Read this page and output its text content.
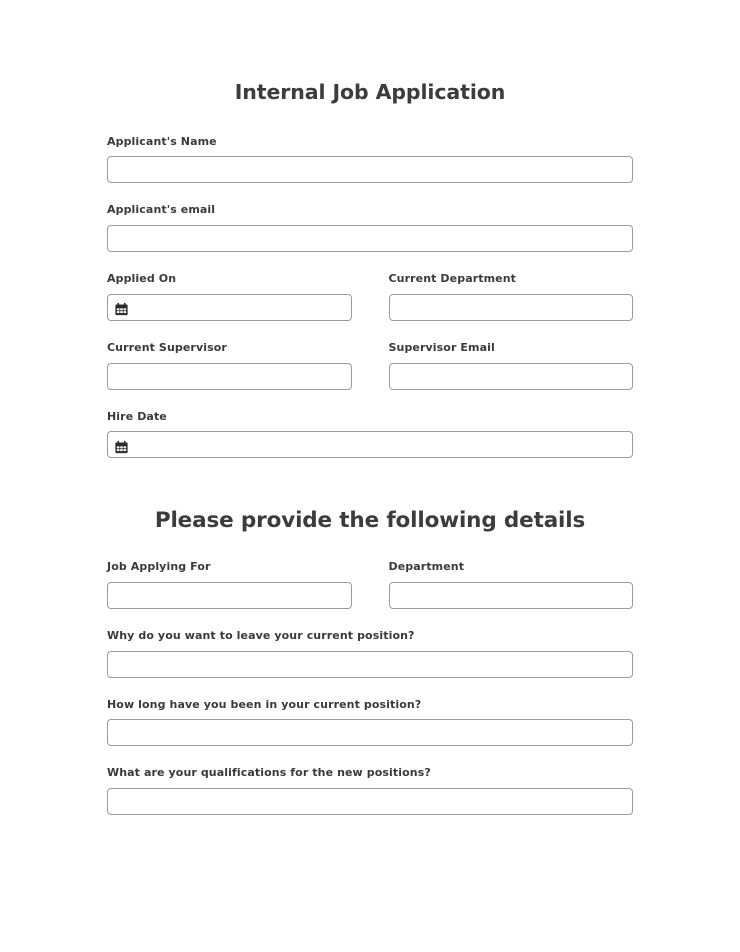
Internal Job Application
Applicant's Name
Applicant's email
Applied On	Current Department
Current Supervisor	Supervisor Email
Hire Date
Please provide the following details
Job Applying For	Department
Why do you want to leave your current position?
How long have you been in your current position?
What are your qualifications for the new positions?
